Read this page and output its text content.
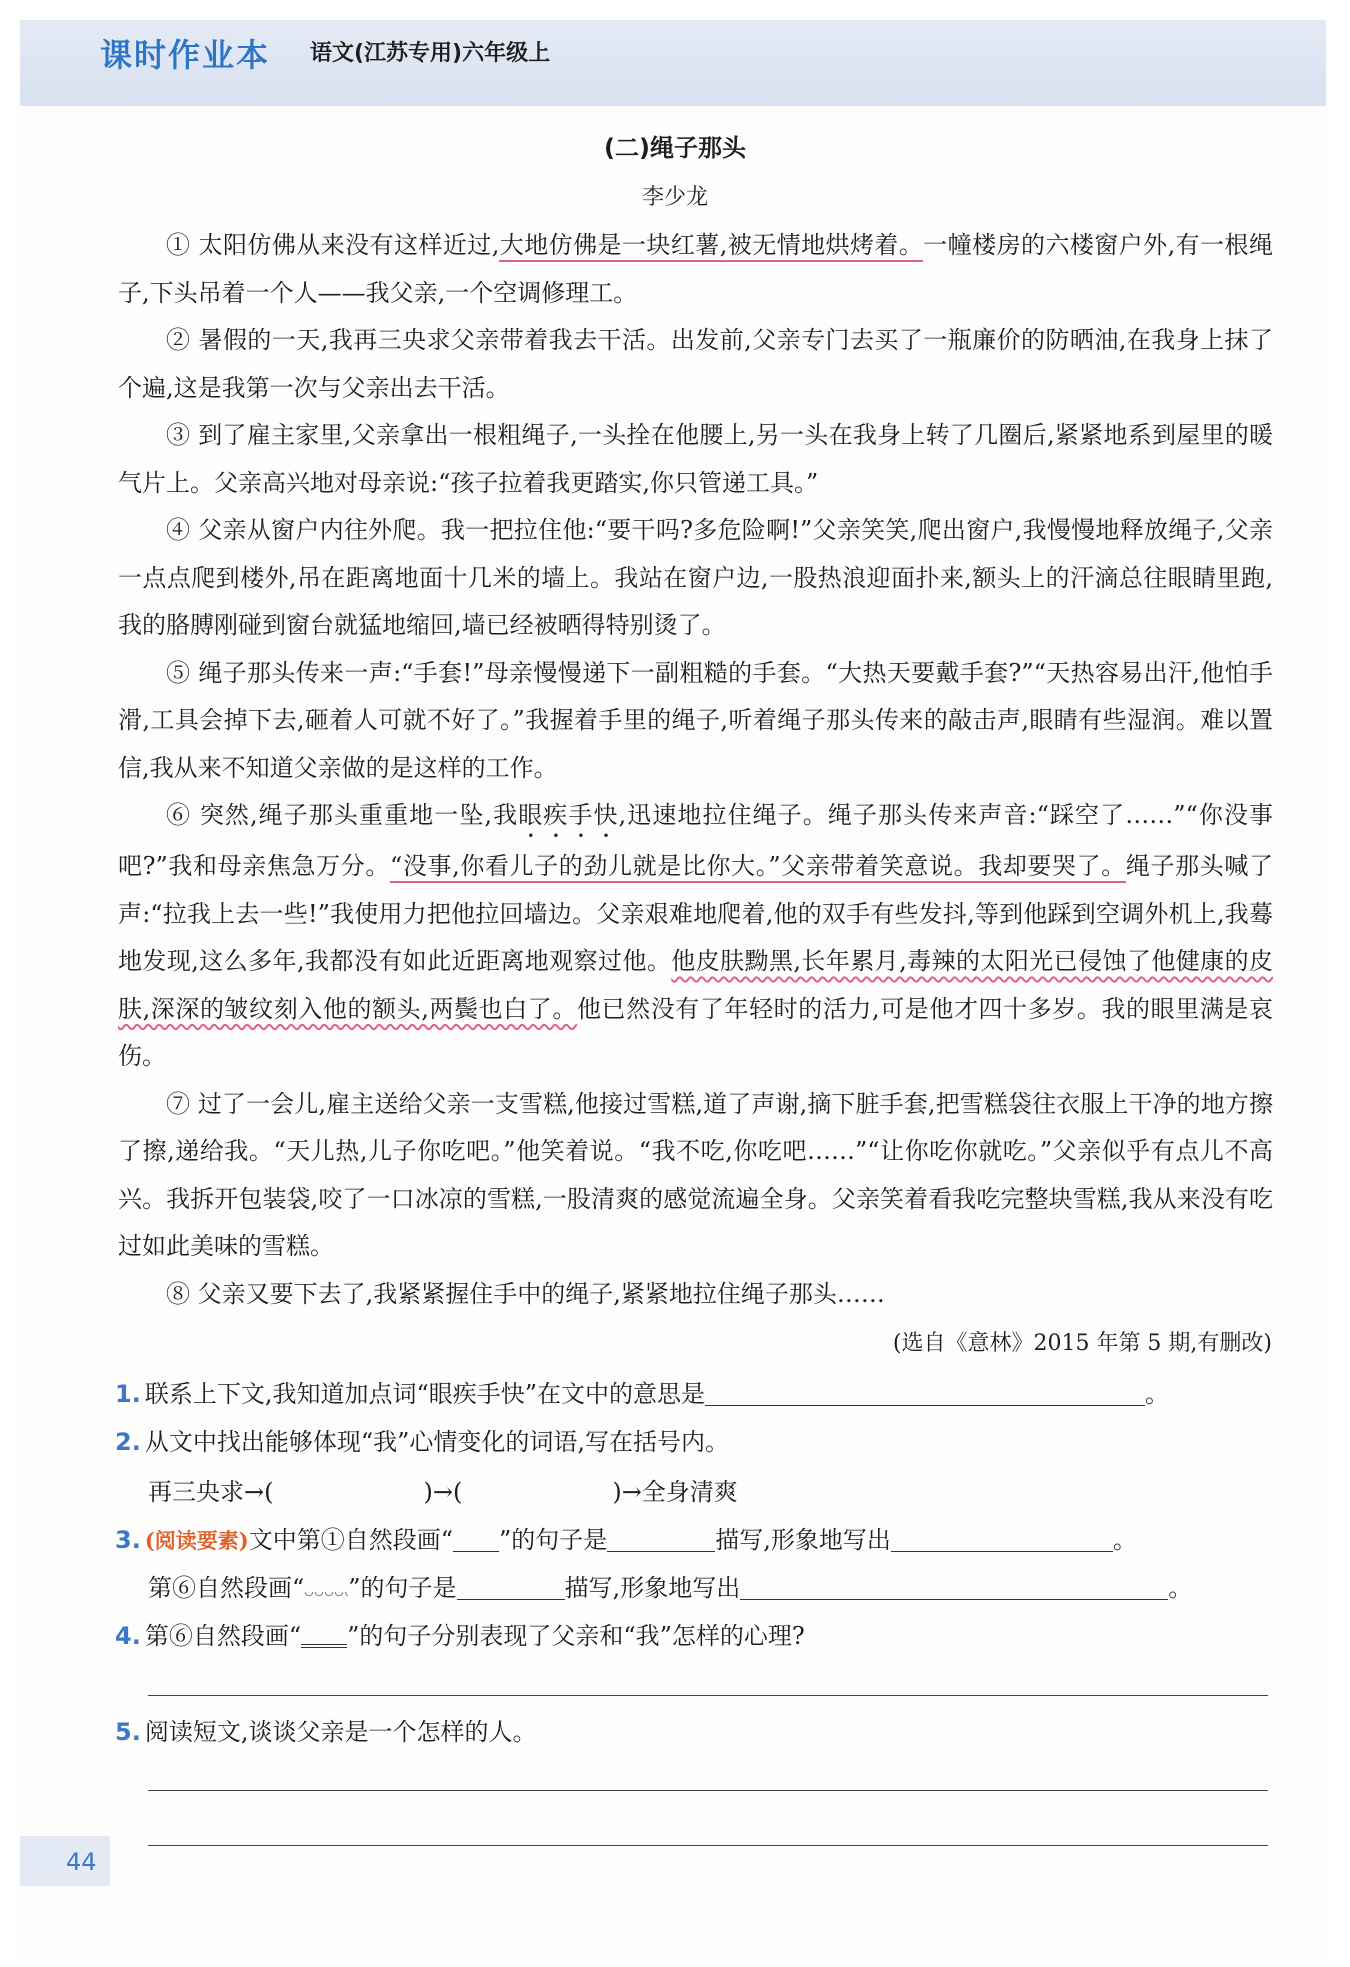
课时作业本 语文(江苏专用)六年级上
(二)绳子那头
李少龙

① 太阳仿佛从来没有这样近过,大地仿佛是一块红薯,被无情地烘烤着。一幢楼房的六楼窗户外,有一根绳子,下头吊着一个人——我父亲,一个空调修理工。

② 暑假的一天,我再三央求父亲带着我去干活。出发前,父亲专门去买了一瓶廉价的防晒油,在我身上抹了个遍,这是我第一次与父亲出去干活。

③ 到了雇主家里,父亲拿出一根粗绳子,一头拴在他腰上,另一头在我身上转了几圈后,紧紧地系到屋里的暖气片上。父亲高兴地对母亲说:“孩子拉着我更踏实,你只管递工具。”

④ 父亲从窗户内往外爬。我一把拉住他:“要干吗?多危险啊!”父亲笑笑,爬出窗户,我慢慢地释放绳子,父亲一点点爬到楼外,吊在距离地面十几米的墙上。我站在窗户边,一股热浪迎面扑来,额头上的汗滴总往眼睛里跑,我的胳膊刚碰到窗台就猛地缩回,墙已经被晒得特别烫了。

⑤ 绳子那头传来一声:“手套!”母亲慢慢递下一副粗糙的手套。“大热天要戴手套?”“天热容易出汗,他怕手滑,工具会掉下去,砸着人可就不好了。”我握着手里的绳子,听着绳子那头传来的敲击声,眼睛有些湿润。难以置信,我从来不知道父亲做的是这样的工作。

⑥ 突然,绳子那头重重地一坠,我眼疾手快,迅速地拉住绳子。绳子那头传来声音:“踩空了……”“你没事吧?”我和母亲焦急万分。“没事,你看儿子的劲儿就是比你大。”父亲带着笑意说。我却要哭了。绳子那头喊了声:“拉我上去一些!”我使用力把他拉回墙边。父亲艰难地爬着,他的双手有些发抖,等到他踩到空调外机上,我蓦地发现,这么多年,我都没有如此近距离地观察过他。他皮肤黝黑,长年累月,毒辣的太阳光已侵蚀了他健康的皮肤,深深的皱纹刻入他的额头,两鬓也白了。他已然没有了年轻时的活力,可是他才四十多岁。我的眼里满是哀伤。

⑦ 过了一会儿,雇主送给父亲一支雪糕,他接过雪糕,道了声谢,摘下脏手套,把雪糕袋往衣服上干净的地方擦了擦,递给我。“天儿热,儿子你吃吧。”他笑着说。“我不吃,你吃吧……”“让你吃你就吃。”父亲似乎有点儿不高兴。我拆开包装袋,咬了一口冰凉的雪糕,一股清爽的感觉流遍全身。父亲笑着看我吃完整块雪糕,我从来没有吃过如此美味的雪糕。

⑧ 父亲又要下去了,我紧紧握住手中的绳子,紧紧地拉住绳子那头……

(选自《意林》2015 年第 5 期,有删改)
1. 联系上下文,我知道加点词“眼疾手快”在文中的意思是	。
2. 从文中找出能够体现“我”心情变化的词语,写在括号内。
再三央求→(	)→(	)→全身清爽
3. (阅读要素)文中第①自然段画“ ”的句子是	描写,形象地写出	。
第⑥自然段画“ ”的句子是	描写,形象地写出	。
4. 第⑥自然段画“ ”的句子分别表现了父亲和“我”怎样的心理?
5. 阅读短文,谈谈父亲是一个怎样的人。
44
